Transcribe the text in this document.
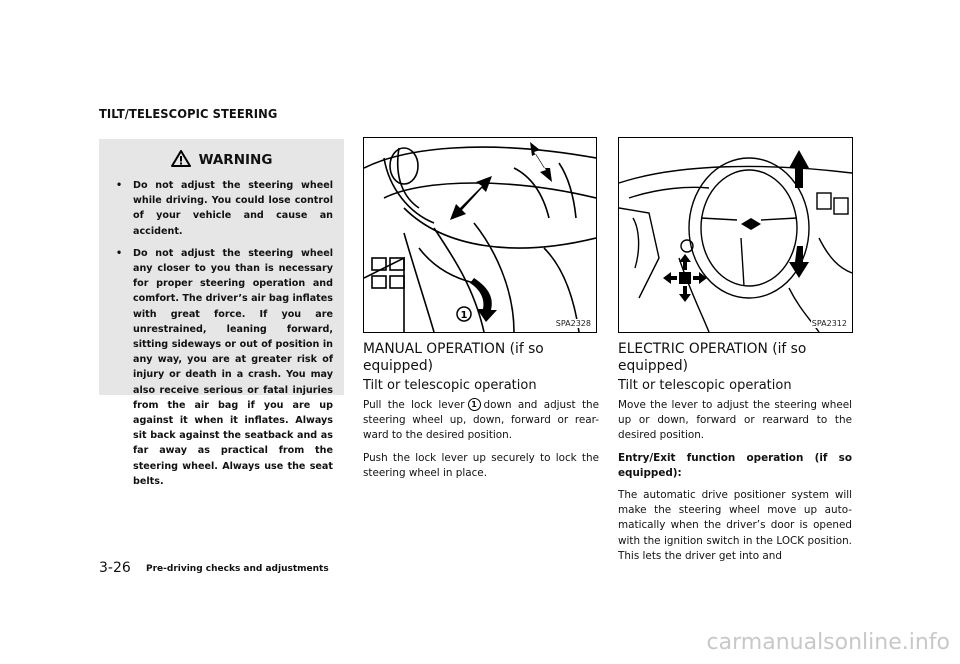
TILT/TELESCOPIC STEERING
WARNING
• Do not adjust the steering wheel while driving. You could lose control of your vehicle and cause an accident.
• Do not adjust the steering wheel any closer to you than is necessary for proper steering operation and comfort. The driver’s air bag inflates with great force. If you are unrestrained, leaning forward, sitting sideways or out of position in any way, you are at greater risk of injury or death in a crash. You may also receive serious or fatal injuries from the air bag if you are up against it when it inflates. Always sit back against the seatback and as far away as practical from the steering wheel. Always use the seat belts.
1
SPA2328	SPA2312
MANUAL OPERATION (if so equipped)
Tilt or telescopic operation

Pull the lock lever 1 down and adjust the steering wheel up, down, forward or rear-ward to the desired position.

Push the lock lever up securely to lock the steering wheel in place.

ELECTRIC OPERATION (if so equipped)
Tilt or telescopic operation

Move the lever to adjust the steering wheel up or down, forward or rearward to the desired position.

Entry/Exit function operation (if so equipped):

The automatic drive positioner system will make the steering wheel move up auto-matically when the driver’s door is opened with the ignition switch in the LOCK position. This lets the driver get into and

3-26 Pre-driving checks and adjustments
carmanualsonline.info
